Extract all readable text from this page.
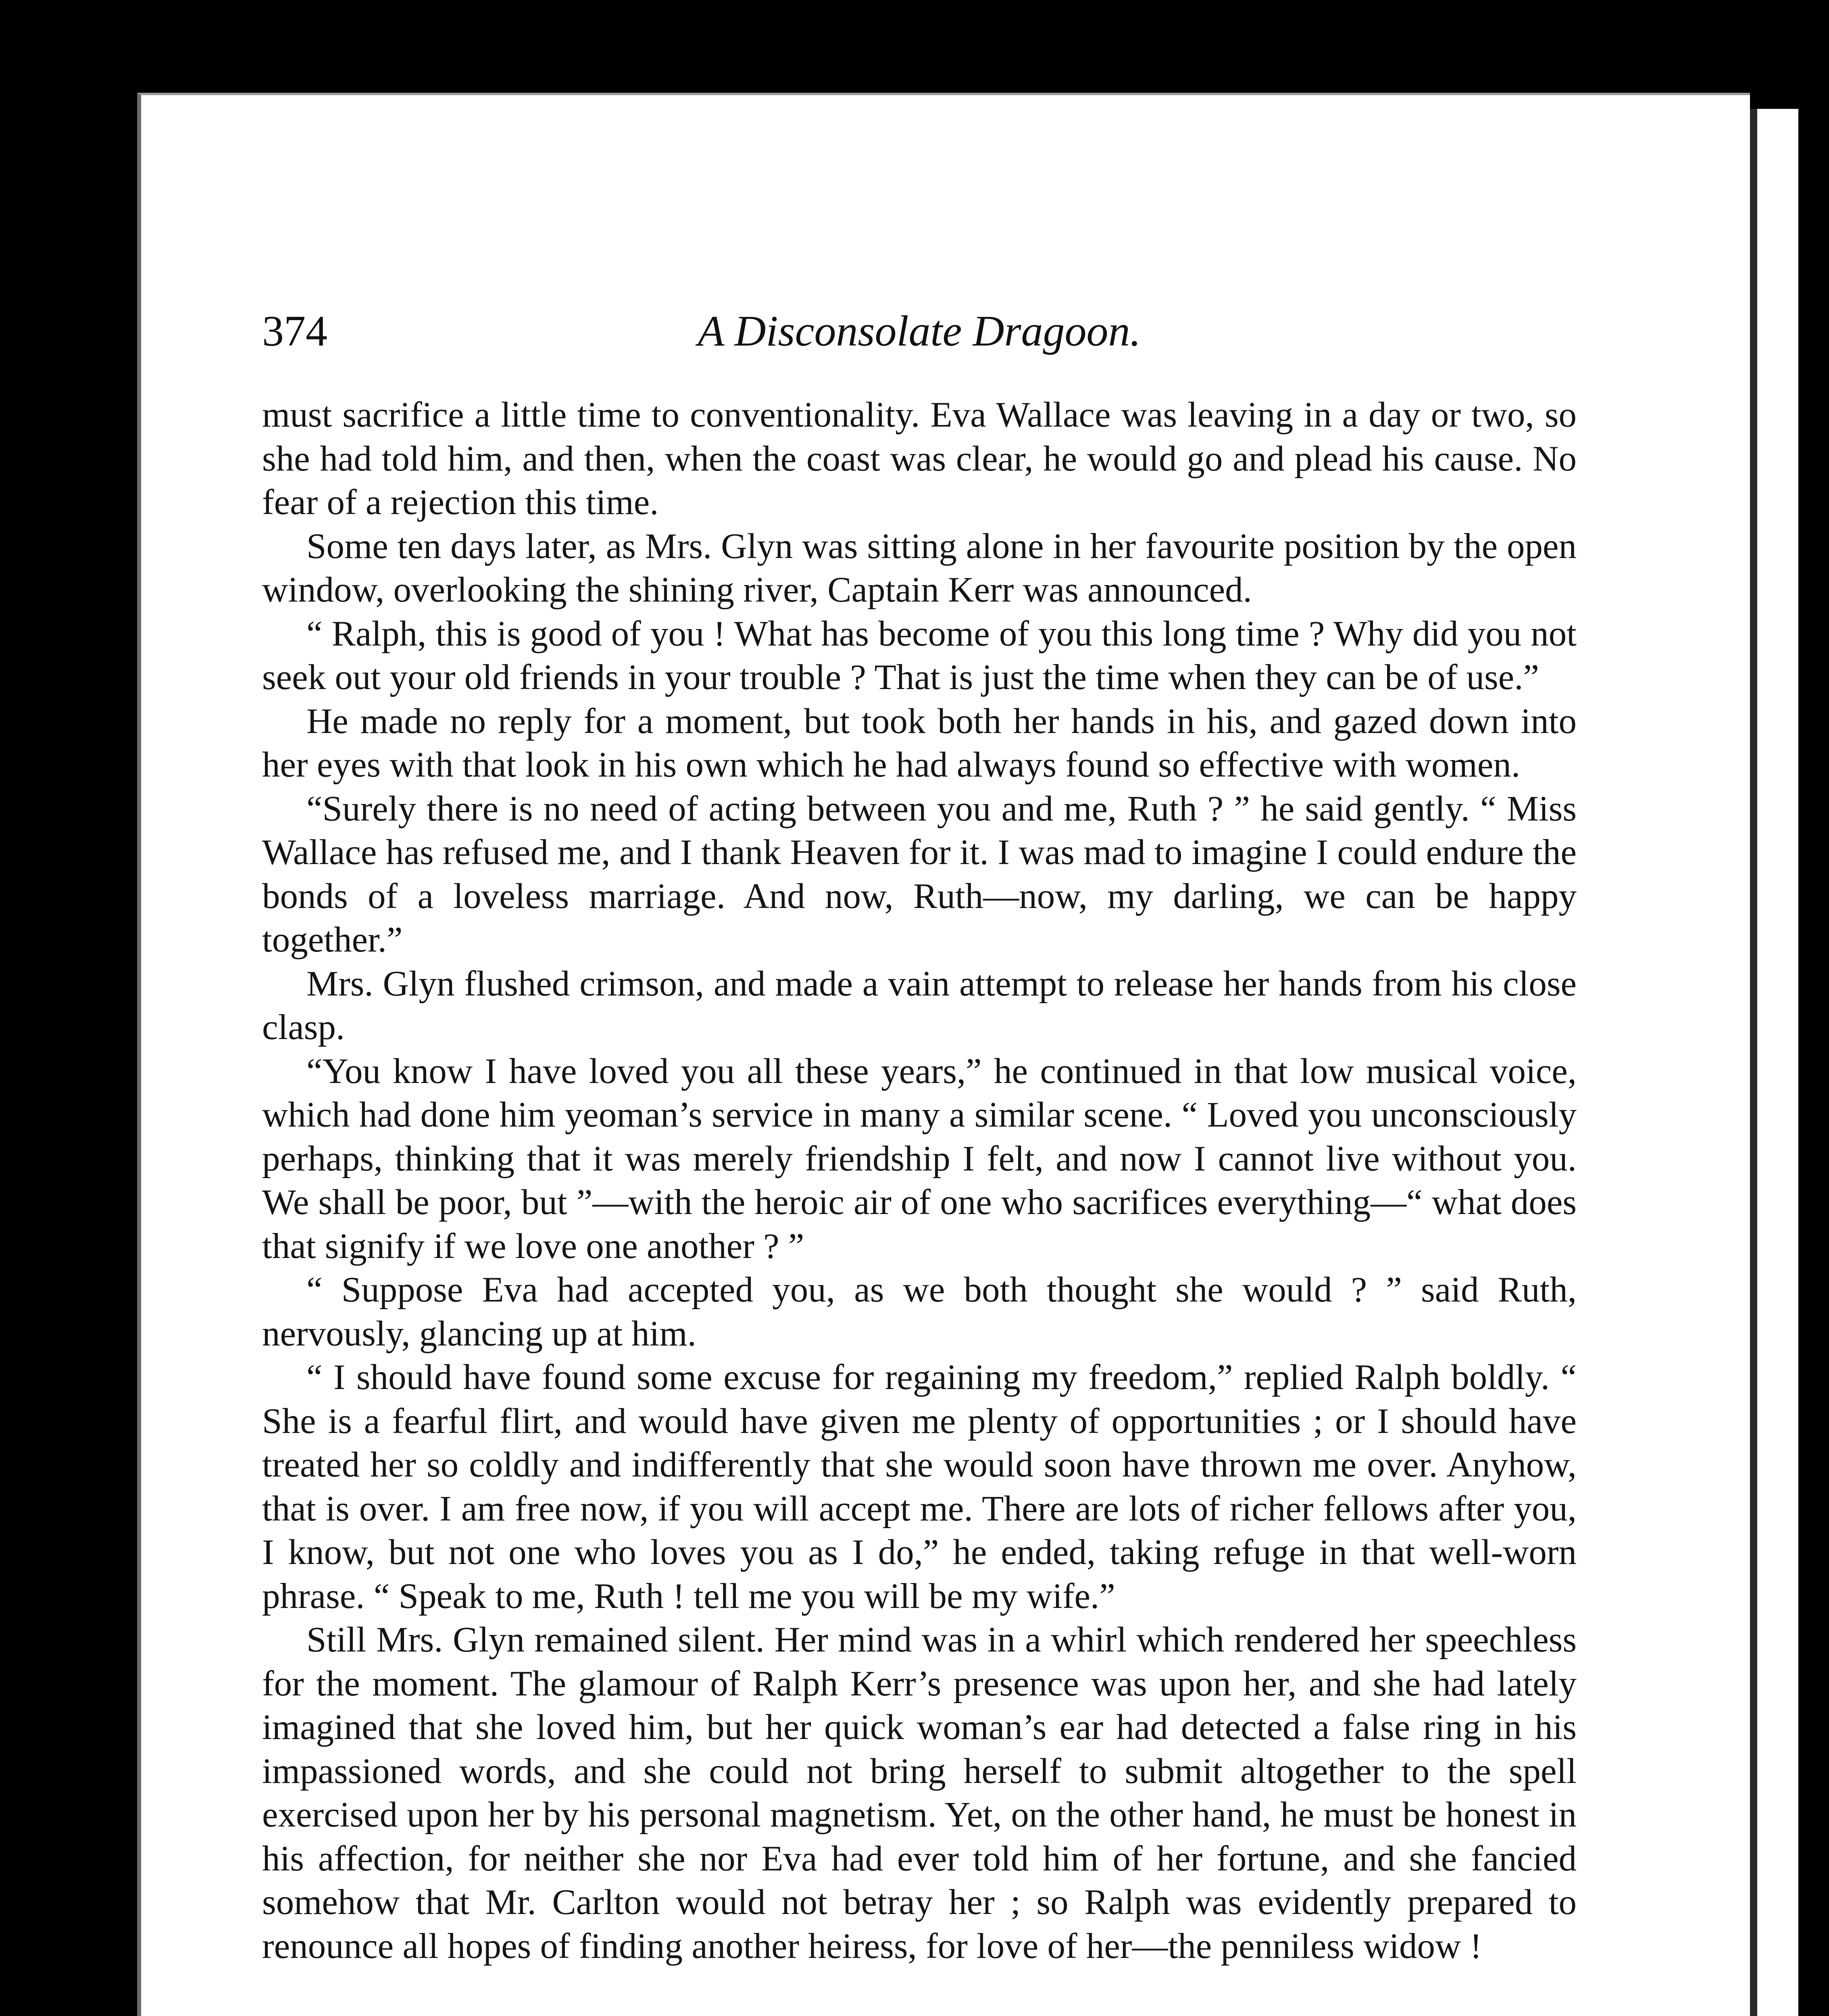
374	A Disconsolate Dragoon.

must sacrifice a little time to conventionality. Eva Wallace was leaving in a day or two, so she had told him, and then, when the coast was clear, he would go and plead his cause. No fear of a rejection this time.

Some ten days later, as Mrs. Glyn was sitting alone in her favourite position by the open window, overlooking the shining river, Captain Kerr was announced.

“ Ralph, this is good of you ! What has become of you this long time ? Why did you not seek out your old friends in your trouble ? That is just the time when they can be of use.”

He made no reply for a moment, but took both her hands in his, and gazed down into her eyes with that look in his own which he had always found so effective with women.

“Surely there is no need of acting between you and me, Ruth ? ” he said gently. “ Miss Wallace has refused me, and I thank Heaven for it. I was mad to imagine I could endure the bonds of a loveless marriage. And now, Ruth—now, my darling, we can be happy together.”

Mrs. Glyn flushed crimson, and made a vain attempt to release her hands from his close clasp.

“You know I have loved you all these years,” he continued in that low musical voice, which had done him yeoman’s service in many a similar scene. “ Loved you unconsciously perhaps, thinking that it was merely friendship I felt, and now I cannot live without you. We shall be poor, but ”—with the heroic air of one who sacrifices everything—“ what does that signify if we love one another ? ”

“ Suppose Eva had accepted you, as we both thought she would ? ” said Ruth, nervously, glancing up at him.

“ I should have found some excuse for regaining my freedom,” replied Ralph boldly. “ She is a fearful flirt, and would have given me plenty of opportunities ; or I should have treated her so coldly and indifferently that she would soon have thrown me over. Anyhow, that is over. I am free now, if you will accept me. There are lots of richer fellows after you, I know, but not one who loves you as I do,” he ended, taking refuge in that well-worn phrase. “ Speak to me, Ruth ! tell me you will be my wife.”

Still Mrs. Glyn remained silent. Her mind was in a whirl which rendered her speechless for the moment. The glamour of Ralph Kerr’s presence was upon her, and she had lately imagined that she loved him, but her quick woman’s ear had detected a false ring in his impassioned words, and she could not bring herself to submit altogether to the spell exercised upon her by his personal magnetism. Yet, on the other hand, he must be honest in his affection, for neither she nor Eva had ever told him of her fortune, and she fancied somehow that Mr. Carlton would not betray her ; so Ralph was evidently prepared to renounce all hopes of finding another heiress, for love of her—the penniless widow !
